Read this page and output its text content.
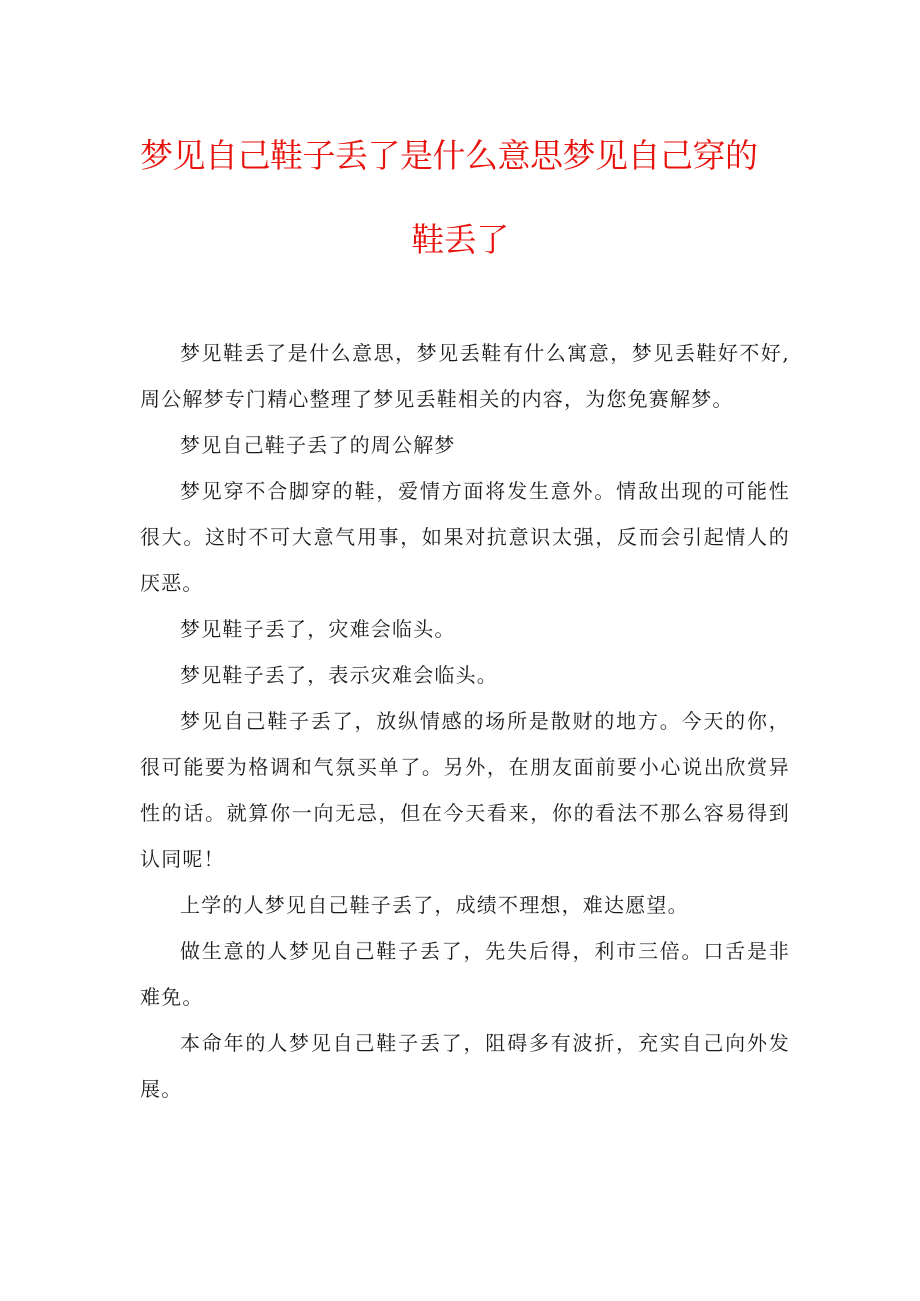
梦见自己鞋子丢了是什么意思梦见自己穿的
鞋丢了

梦见鞋丢了是什么意思，梦见丢鞋有什么寓意，梦见丢鞋好不好,周公解梦专门精心整理了梦见丢鞋相关的内容，为您免赛解梦。

梦见自己鞋子丢了的周公解梦

梦见穿不合脚穿的鞋，爱情方面将发生意外。情敌出现的可能性很大。这时不可大意气用事，如果对抗意识太强，反而会引起情人的厌恶。

梦见鞋子丢了，灾难会临头。

梦见鞋子丢了，表示灾难会临头。

梦见自己鞋子丢了，放纵情感的场所是散财的地方。今天的你，很可能要为格调和气氛买单了。另外，在朋友面前要小心说出欣赏异性的话。就算你一向无忌，但在今天看来，你的看法不那么容易得到认同呢！

上学的人梦见自己鞋子丢了，成绩不理想，难达愿望。

做生意的人梦见自己鞋子丢了，先失后得，利市三倍。口舌是非难免。

本命年的人梦见自己鞋子丢了，阻碍多有波折，充实自己向外发展。
